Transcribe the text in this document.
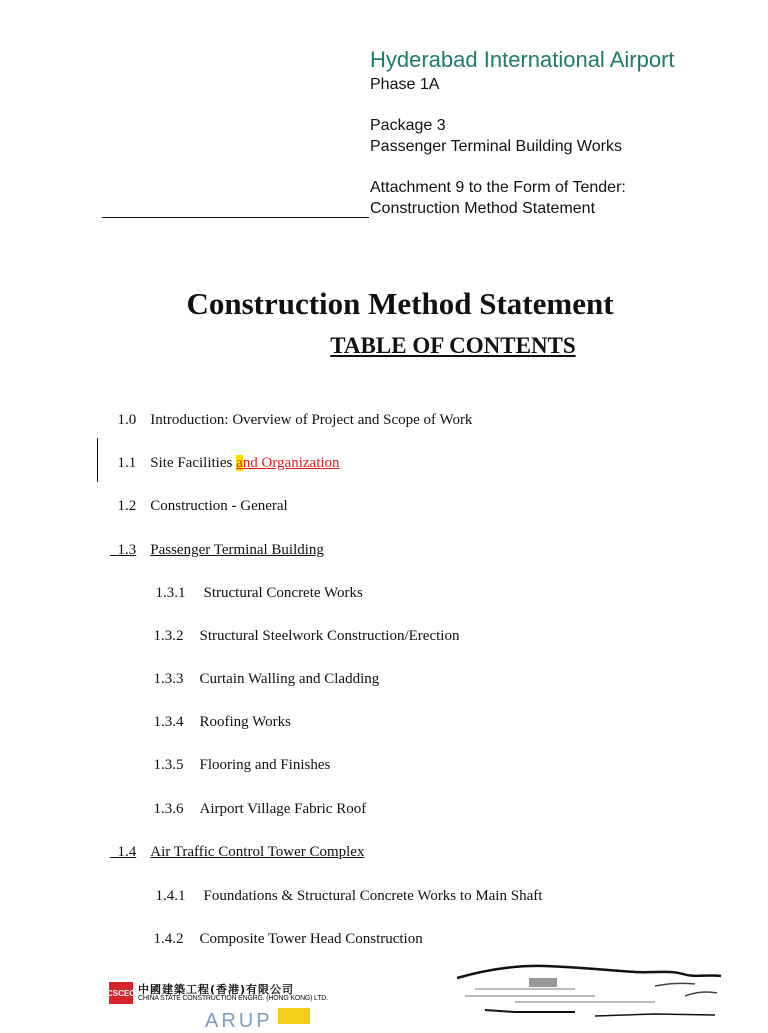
Hyderabad International Airport
Phase 1A
Package 3
Passenger Terminal Building Works
Attachment 9 to the Form of Tender:
Construction Method Statement
Construction Method Statement
TABLE OF CONTENTS

1.0 Introduction: Overview of Project and Scope of Work

1.1 Site Facilities and Organization

1.2 Construction - General

1.3 Passenger Terminal Building

1.3.1 Structural Concrete Works

1.3.2 Structural Steelwork Construction/Erection

1.3.3 Curtain Walling and Cladding

1.3.4 Roofing Works

1.3.5 Flooring and Finishes

1.3.6 Airport Village Fabric Roof

1.4 Air Traffic Control Tower Complex

1.4.1 Foundations & Structural Concrete Works to Main Shaft

1.4.2 Composite Tower Head Construction

CSCEC 中國建築工程(香港)有限公司
CHINA STATE CONSTRUCTION ENGRG. (HONG KONG) LTD.
ARUP
